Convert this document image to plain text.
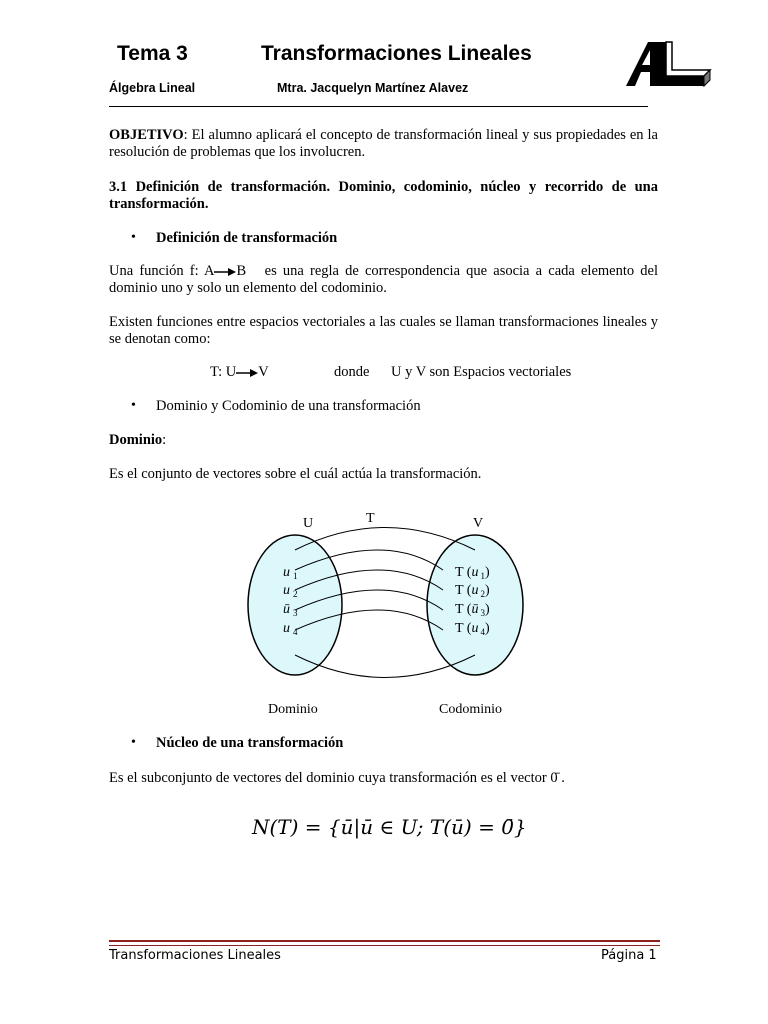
Tema 3	Transformaciones Lineales
Álgebra Lineal	Mtra. Jacquelyn Martínez Alavez
OBJETIVO: El alumno aplicará el concepto de transformación lineal y sus propiedades en la resolución de problemas que los involucren.
3.1 Definición de transformación. Dominio, codominio, núcleo y recorrido de una transformación.
• Definición de transformación
Una función f: A B es una regla de correspondencia que asocia a cada elemento del dominio uno y solo un elemento del codominio.
Existen funciones entre espacios vectoriales a las cuales se llaman transformaciones lineales y se denotan como:
T: U V	donde U y V son Espacios vectoriales
• Dominio y Codominio de una transformación
Dominio:
Es el conjunto de vectores sobre el cuál actúa la transformación.
U	T	V
u $_1$
u $_2$
ū $_3$
u $_4$
T (u $_1$)
T (u $_2$)
T (ū $_3$)
T (u $_4$)
Dominio	Codominio
• Núcleo de una transformación
Es el subconjunto de vectores del dominio cuya transformación es el vector 0̄ .
N(T) = {ū|ū ∈ U; T(ū) = 0̄}
Transformaciones Lineales	Página 1
